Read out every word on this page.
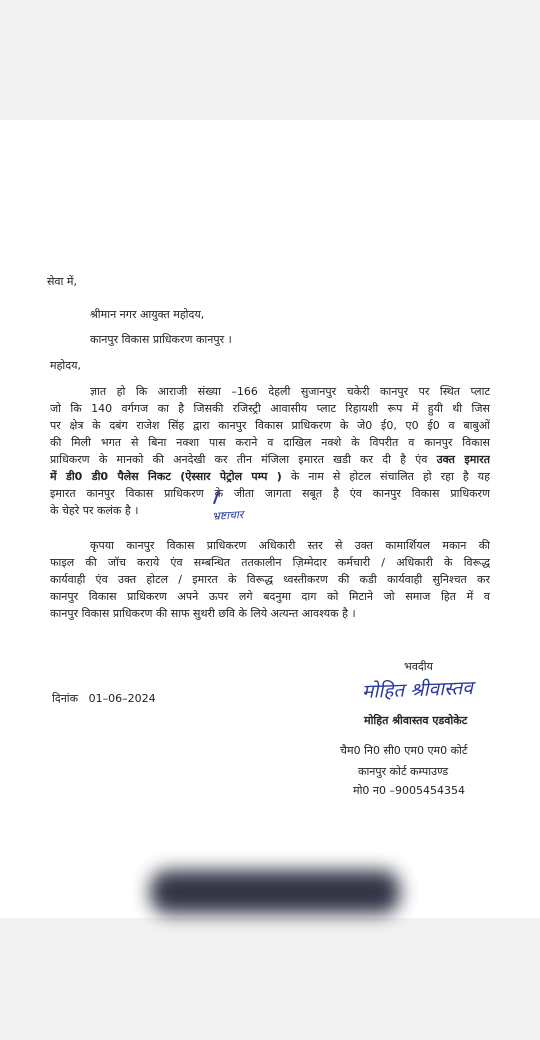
सेवा में,
श्रीमान नगर आयुक्त महोदय,
कानपुर विकास प्राधिकरण कानपुर ।
महोदय,
ज्ञात हो कि आराजी संख्या –166 देहली सुजानपुर चकेरी कानपुर पर स्थित प्लाट
जो कि 140 वर्गगज का है जिसकी रजिस्ट्री आवासीय प्लाट रिहायशी रूप में हुयी थी जिस
पर क्षेत्र के दबंग राजेश सिंह द्वारा कानपुर विकास प्राधिकरण के जे0 ई0, ए0 ई0 व बाबुओं
की मिली भगत से बिना नक्शा पास कराने व दाखिल नक्शे के विपरीत व कानपुर विकास
प्राधिकरण के मानको की अनदेखी कर तीन मंजिला इमारत खडी कर दी है एंव उक्त इमारत
में डी0 डी0 पैलेस निकट (ऐस्सार पेट्रोल पम्प ) के नाम से होटल संचालित हो रहा है यह
इमारत कानपुर विकास प्राधिकरण के जीता जागता सबूत है एंव कानपुर विकास प्राधिकरण
के चेहरे पर कलंक है ।	भ्रष्टाचार
कृपया कानपुर विकास प्राधिकरण अधिकारी स्तर से उक्त कामार्शियल मकान की
फाइल की जॉच कराये एंव सम्बन्धित ततकालीन ज़िम्मेदार कर्मचारी / अधिकारी के विरूद्ध
कार्यवाही एंव उक्त होटल / इमारत के विरूद्ध ध्वस्तीकरण की कडी कार्यवाही सुनिश्चत कर
कानपुर विकास प्राधिकरण अपने ऊपर लगे बदनुमा दाग को मिटाने जो समाज हित में व
कानपुर विकास प्राधिकरण की साफ सुथरी छवि के लिये अत्यन्त आवश्यक है ।
भवदीय
मोहित श्रीवास्तव
दिनांक 01–06–2024
मोहित श्रीवास्तव एडवोकेट
चैम0 नि0 सी0 एम0 एम0 कोर्ट
कानपुर कोर्ट कम्पाउण्ड
मो0 न0 –9005454354
